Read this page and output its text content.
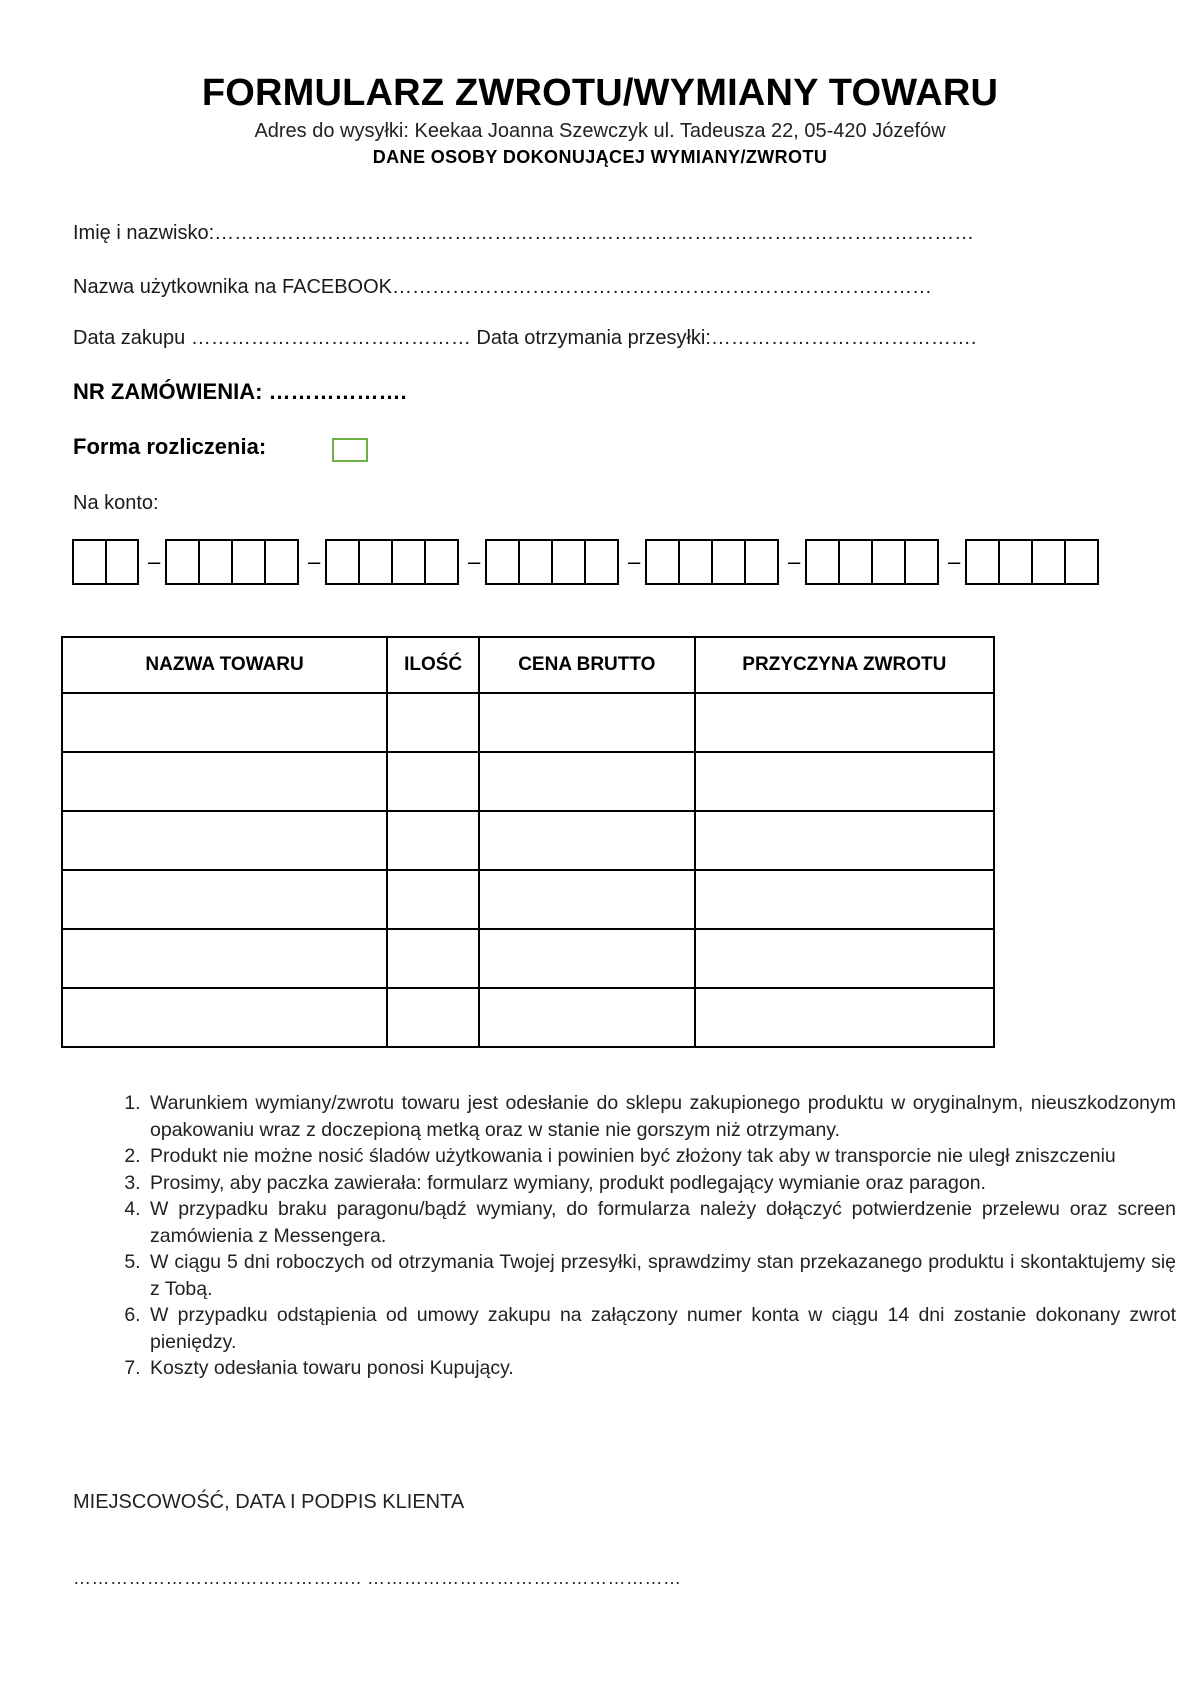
FORMULARZ ZWROTU/WYMIANY TOWARU
Adres do wysyłki: Keekaa Joanna Szewczyk ul. Tadeusza 22, 05-420 Józefów
DANE OSOBY DOKONUJĄCEJ WYMIANY/ZWROTU
Imię i nazwisko:……………………………………………………………………………………………………
Nazwa użytkownika na FACEBOOK………………………………………………………………………
Data zakupu …………………………………… Data otrzymania przesyłki:………………………………….
NR ZAMÓWIENIA: ……………….
Forma rozliczenia:
Na konto:
–	–	–	–	–	–
NAZWA TOWARU	ILOŚĆ	CENA BRUTTO	PRZYCZYNA ZWROTU

1. Warunkiem wymiany/zwrotu towaru jest odesłanie do sklepu zakupionego produktu w oryginalnym, nieuszkodzonym opakowaniu wraz z doczepioną metką oraz w stanie nie gorszym niż otrzymany.
2. Produkt nie możne nosić śladów użytkowania i powinien być złożony tak aby w transporcie nie uległ zniszczeniu
3. Prosimy, aby paczka zawierała: formularz wymiany, produkt podlegający wymianie oraz paragon.
4. W przypadku braku paragonu/bądź wymiany, do formularza należy dołączyć potwierdzenie przelewu oraz screen zamówienia z Messengera.
5. W ciągu 5 dni roboczych od otrzymania Twojej przesyłki, sprawdzimy stan przekazanego produktu i skontaktujemy się z Tobą.
6. W przypadku odstąpienia od umowy zakupu na załączony numer konta w ciągu 14 dni zostanie dokonany zwrot pieniędzy.
7. Koszty odesłania towaru ponosi Kupujący.
MIEJSCOWOŚĆ, DATA I PODPIS KLIENTA
……………………………………….. ……………………………………………
